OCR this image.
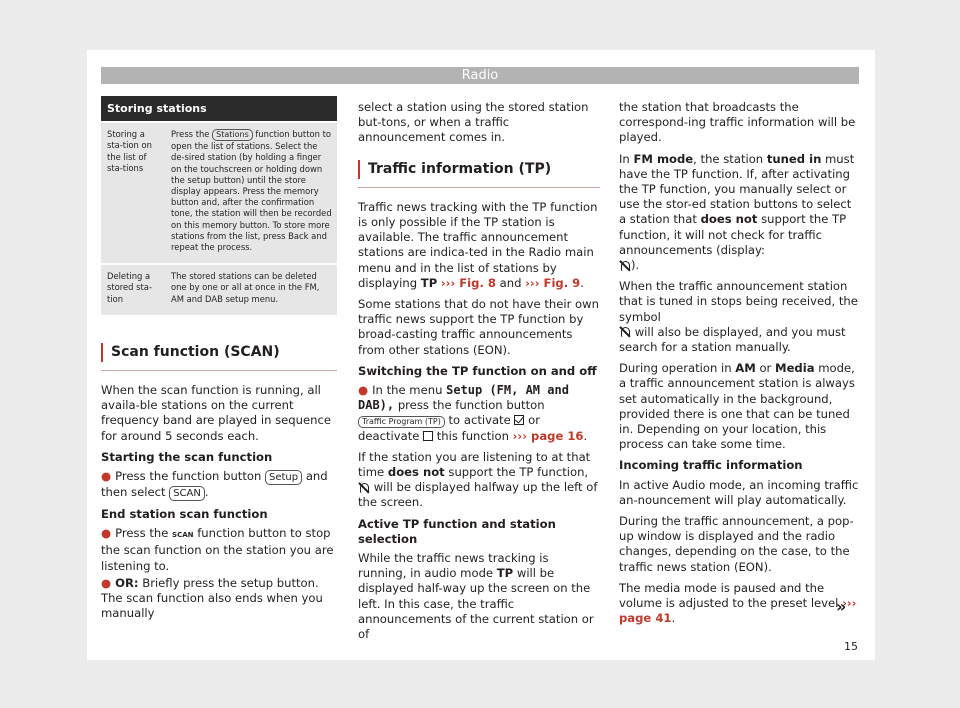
Radio
Storing stations	
Storing a sta-tion on the list of sta-tions	Press the Stations function button to open the list of stations. Select the de-sired station (by holding a finger on the touchscreen or holding down the setup button) until the store display appears. Press the memory button and, after the confirmation tone, the station will then be recorded on this memory button. To store more stations from the list, press Back and repeat the process.
Deleting a stored sta-tion	The stored stations can be deleted one by one or all at once in the FM, AM and DAB setup menu.
Scan function (SCAN)

When the scan function is running, all availa-ble stations on the current frequency band are played in sequence for around 5 seconds each.

Starting the scan function

● Press the function button Setup and then select SCAN .

End station scan function

● Press the SCAN function button to stop the scan function on the station you are listening to.

● OR: Briefly press the setup button. The scan function also ends when you manually

select a station using the stored station but-tons, or when a traffic announcement comes in.

Traffic information (TP)

Traffic news tracking with the TP function is only possible if the TP station is available. The traffic announcement stations are indica-ted in the Radio main menu and in the list of stations by displaying TP ››› Fig. 8 and ››› Fig. 9.

Some stations that do not have their own traffic news support the TP function by broad-casting traffic announcements from other stations (EON).

Switching the TP function on and off

● In the menu Setup (FM, AM and DAB), press the function button Traffic Program (TP) to activate or deactivate this function ››› page 16.

If the station you are listening to at that time does not support the TP function,  will be displayed halfway up the left of the screen.

Active TP function and station selection

While the traffic news tracking is running, in audio mode TP will be displayed half-way up the screen on the left. In this case, the traffic announcements of the current station or of

the station that broadcasts the correspond-ing traffic information will be played.

In FM mode, the station tuned in must have the TP function. If, after activating the TP function, you manually select or use the stor-ed station buttons to select a station that does not support the TP function, it will not check for traffic announcements (display:
).

When the traffic announcement station that is tuned in stops being received, the symbol
will also be displayed, and you must search for a station manually.

During operation in AM or Media mode, a traffic announcement station is always set automatically in the background, provided there is one that can be tuned in. Depending on your location, this process can take some time.

Incoming traffic information

In active Audio mode, an incoming traffic an-nouncement will play automatically.

During the traffic announcement, a pop-up window is displayed and the radio changes, depending on the case, to the traffic news station (EON).

The media mode is paused and the volume is adjusted to the preset level ››› page 41.

»
15
